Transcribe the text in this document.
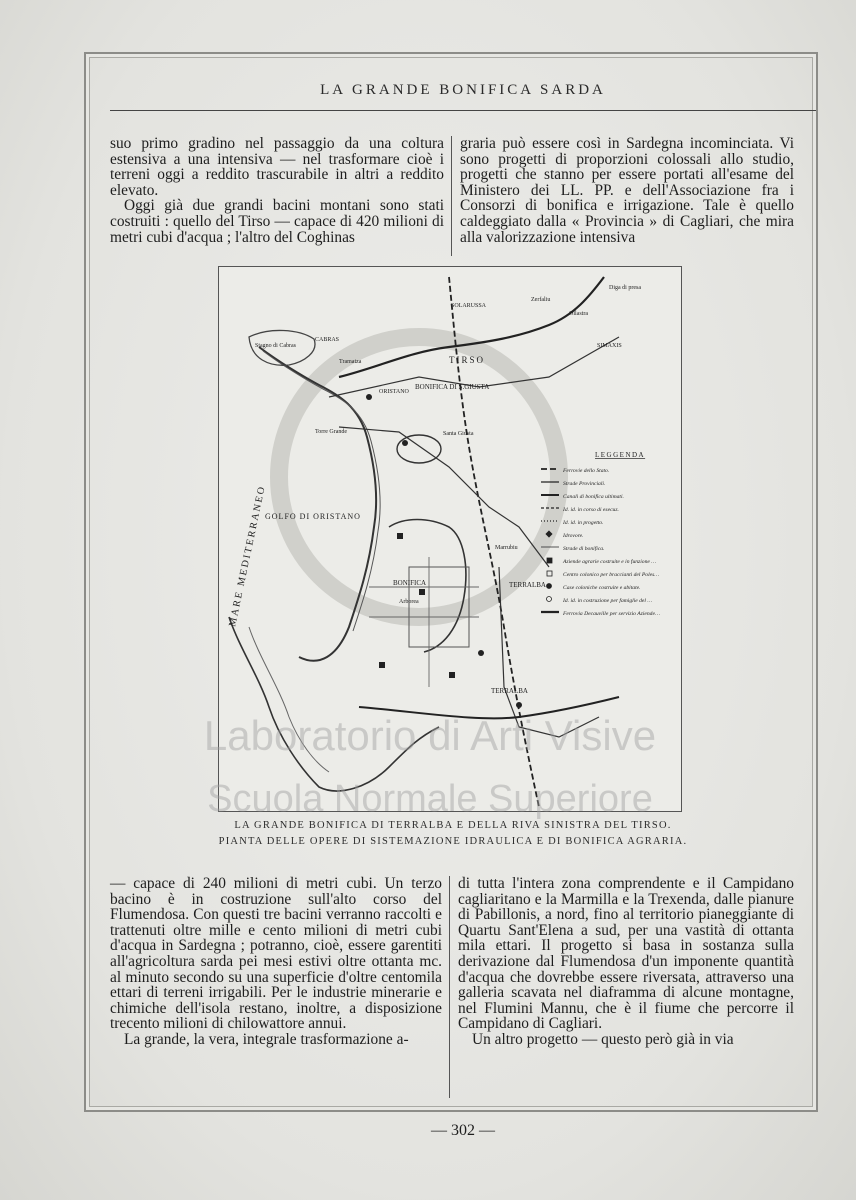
LA GRANDE BONIFICA SARDA

suo primo gradino nel passaggio da una coltura estensiva a una intensiva — nel trasformare cioè i terreni oggi a reddito trascurabile in altri a reddito elevato.

Oggi già due grandi bacini montani sono stati costruiti : quello del Tirso — capace di 420 milioni di metri cubi d'acqua ; l'altro del Coghinas

graria può essere così in Sardegna incominciata. Vi sono progetti di proporzioni colossali allo studio, progetti che stanno per essere portati all'esame del Ministero dei LL. PP. e dell'Associazione fra i Consorzi di bonifica e irrigazione. Tale è quello caldeggiato dalla « Provincia » di Cagliari, che mira alla valorizzazione intensiva

MARE MEDITERRANEO
GOLFO DI ORISTANO
TIRSO
BONIFICA DI S.GIUSTA
BONIFICA	TERRALBA
TERRALBA
CABRAS
ORISTANO
Stagno di Cabras
SOLARUSSA
SIMAXIS
Arborea
Marrubiu
Ollastra
Zerfaliu
Tramatza
Torre Grande	Santa Giusta
Diga di presa
LEGGENDA
Ferrovie dello Stato.
Strade Provinciali.
Canali di bonifica ultimati.
Id. id. in corso di esecuz.
Id. id. in progetto.
Idrovore.
Strade di bonifica.
Aziende agrarie costruite e in funzione …
Centro colonico per braccianti del Poles…
Case coloniche costruite e abitate.
Id. id. in costruzione per famiglie del …
Ferrovia Decauville per servizio Aziende…
LA GRANDE BONIFICA DI TERRALBA E DELLA RIVA SINISTRA DEL TIRSO.
PIANTA DELLE OPERE DI SISTEMAZIONE IDRAULICA E DI BONIFICA AGRARIA.
Laboratorio di Arti Visive
Scuola Normale Superiore

— capace di 240 milioni di metri cubi. Un terzo bacino è in costruzione sull'alto corso del Flumendosa. Con questi tre bacini verranno raccolti e trattenuti oltre mille e cento milioni di metri cubi d'acqua in Sardegna ; potranno, cioè, essere garentiti all'agricoltura sarda pei mesi estivi oltre ottanta mc. al minuto secondo su una superficie d'oltre centomila ettari di terreni irrigabili. Per le industrie minerarie e chimiche dell'isola restano, inoltre, a disposizione trecento milioni di chilowattore annui.

La grande, la vera, integrale trasformazione a-

di tutta l'intera zona comprendente e il Campidano cagliaritano e la Marmilla e la Trexenda, dalle pianure di Pabillonis, a nord, fino al territorio pianeggiante di Quartu Sant'Elena a sud, per una vastità di ottanta mila ettari. Il progetto si basa in sostanza sulla derivazione dal Flumendosa d'un imponente quantità d'acqua che dovrebbe essere riversata, attraverso una galleria scavata nel diaframma di alcune montagne, nel Flumini Mannu, che è il fiume che percorre il Campidano di Cagliari.

Un altro progetto — questo però già in via

— 302 —
